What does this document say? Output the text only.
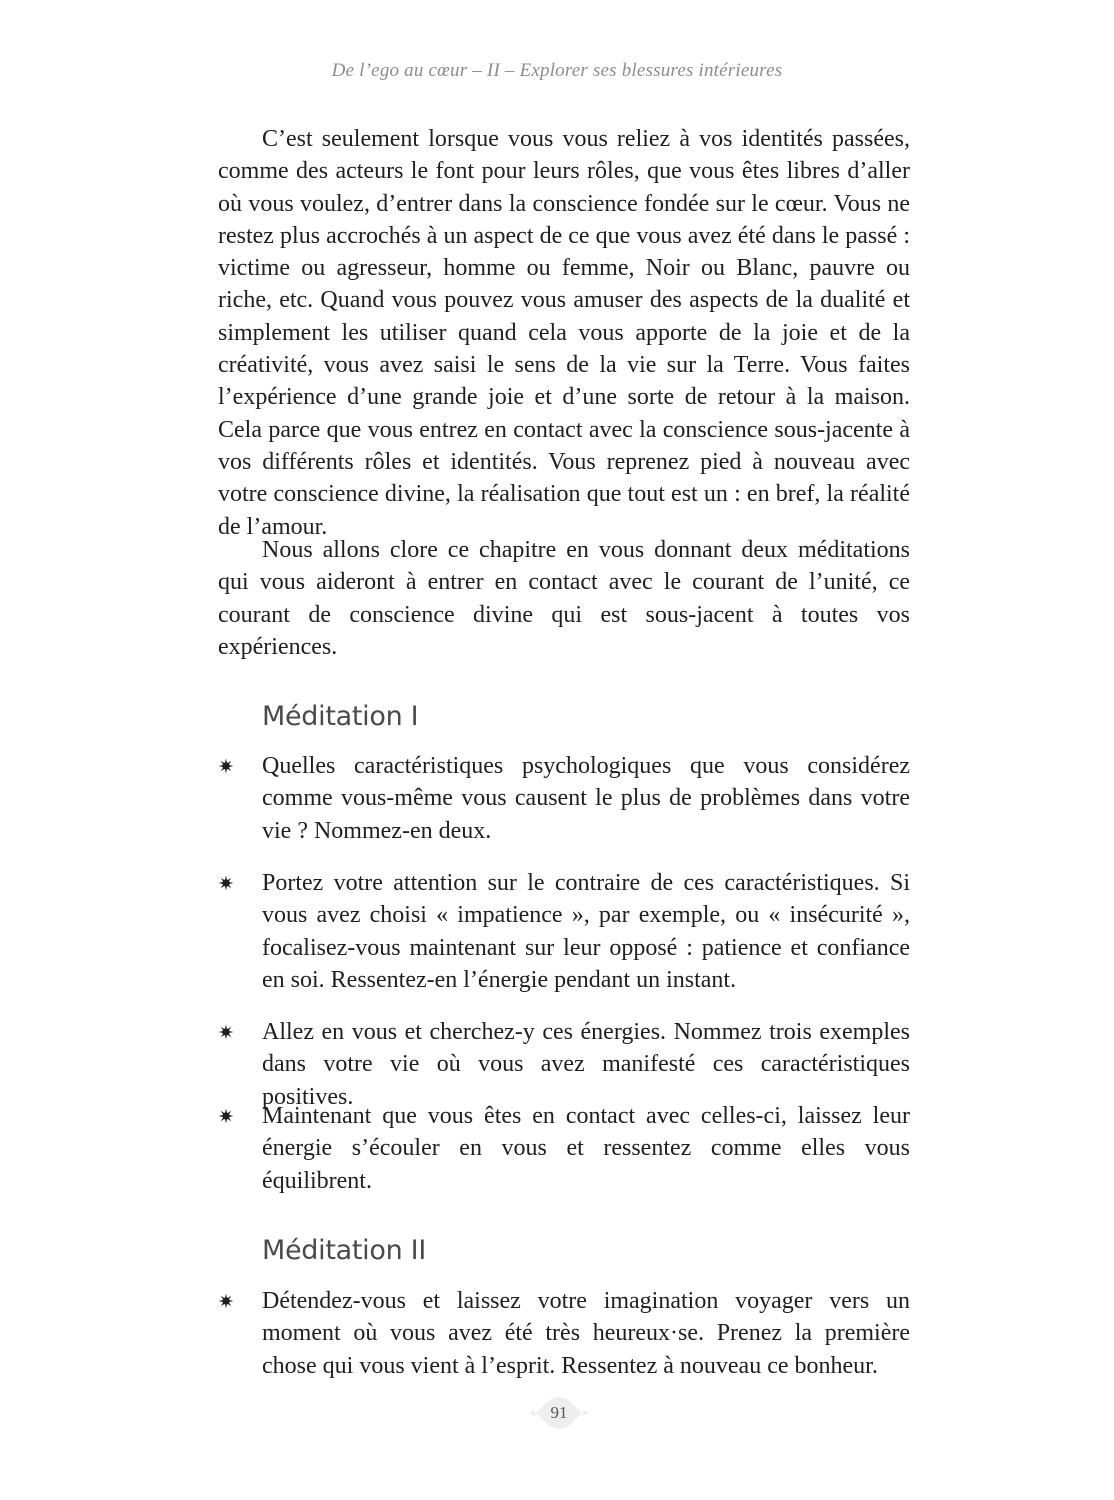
De l’ego au cœur – II – Explorer ses blessures intérieures

C’est seulement lorsque vous vous reliez à vos identités passées, comme des acteurs le font pour leurs rôles, que vous êtes libres d’aller où vous voulez, d’entrer dans la conscience fondée sur le cœur. Vous ne restez plus accrochés à un aspect de ce que vous avez été dans le passé : victime ou agresseur, homme ou femme, Noir ou Blanc, pauvre ou riche, etc. Quand vous pouvez vous amuser des aspects de la dualité et simplement les utiliser quand cela vous apporte de la joie et de la créativité, vous avez saisi le sens de la vie sur la Terre. Vous faites l’expérience d’une grande joie et d’une sorte de retour à la maison. Cela parce que vous entrez en contact avec la conscience sous-jacente à vos différents rôles et identités. Vous reprenez pied à nouveau avec votre conscience divine, la réalisation que tout est un : en bref, la réalité de l’amour.

Nous allons clore ce chapitre en vous donnant deux méditations qui vous aideront à entrer en contact avec le courant de l’unité, ce courant de conscience divine qui est sous-jacent à toutes vos expériences.

Méditation I

Quelles caractéristiques psychologiques que vous considérez comme vous-même vous causent le plus de problèmes dans votre vie ? Nommez-en deux.

Portez votre attention sur le contraire de ces caractéristiques. Si vous avez choisi « impatience », par exemple, ou « insécurité », focalisez-vous maintenant sur leur opposé : patience et confiance en soi. Ressentez-en l’énergie pendant un instant.

Allez en vous et cherchez-y ces énergies. Nommez trois exemples dans votre vie où vous avez manifesté ces caractéristiques positives.

Maintenant que vous êtes en contact avec celles-ci, laissez leur énergie s’écouler en vous et ressentez comme elles vous équilibrent.

Méditation II

Détendez-vous et laissez votre imagination voyager vers un moment où vous avez été très heureux·se. Prenez la première chose qui vous vient à l’esprit. Ressentez à nouveau ce bonheur.

91
